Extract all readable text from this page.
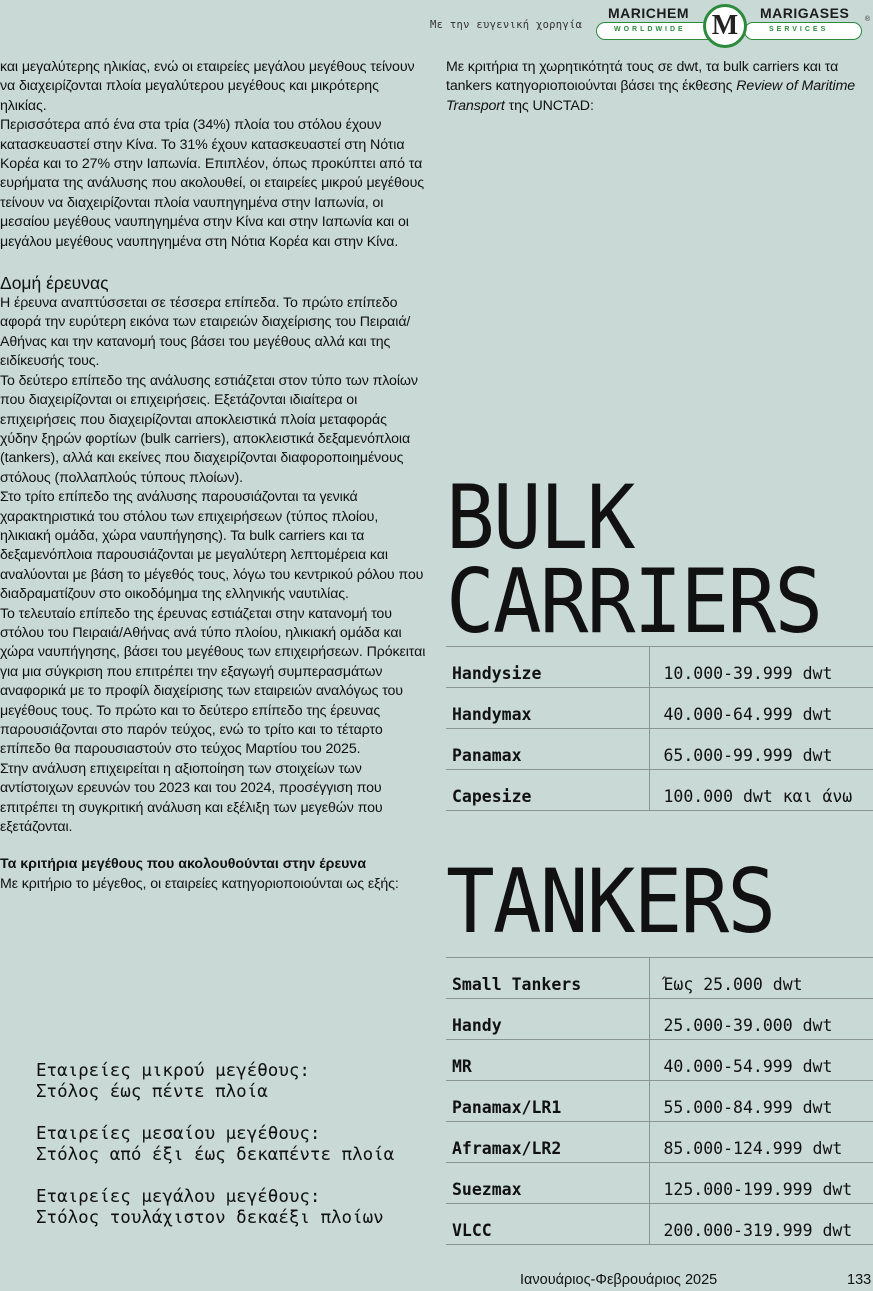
Με την ευγενική χορηγία
MARICHEM	MARIGASES
WORLDWIDE	SERVICES
M	®

και μεγαλύτερης ηλικίας, ενώ οι εταιρείες μεγάλου μεγέθους τείνουν να διαχειρίζονται πλοία μεγαλύτερου μεγέθους και μικρότερης ηλικίας.

Περισσότερα από ένα στα τρία (34%) πλοία του στόλου έχουν κατασκευαστεί στην Κίνα. Το 31% έχουν κατασκευαστεί στη Νότια Κορέα και το 27% στην Ιαπωνία. Επιπλέον, όπως προκύπτει από τα ευρήματα της ανάλυσης που ακολουθεί, οι εταιρείες μικρού μεγέθους τείνουν να διαχειρίζονται πλοία ναυπηγημένα στην Ιαπωνία, οι μεσαίου μεγέθους ναυπηγημένα στην Κίνα και στην Ιαπωνία και οι μεγάλου μεγέθους ναυπηγημένα στη Νότια Κορέα και στην Κίνα.

Δομή έρευνας

Η έρευνα αναπτύσσεται σε τέσσερα επίπεδα. Το πρώτο επίπεδο αφορά την ευρύτερη εικόνα των εταιρειών διαχείρισης του Πειραιά/Αθήνας και την κατανομή τους βάσει του μεγέθους αλλά και της ειδίκευσής τους.

Το δεύτερο επίπεδο της ανάλυσης εστιάζεται στον τύπο των πλοίων που διαχειρίζονται οι επιχειρήσεις. Εξετάζονται ιδιαίτερα οι επιχειρήσεις που διαχειρίζονται αποκλειστικά πλοία μεταφοράς χύδην ξηρών φορτίων (bulk carriers), αποκλειστικά δεξαμενόπλοια (tankers), αλλά και εκείνες που διαχειρίζονται διαφοροποιημένους στόλους (πολλαπλούς τύπους πλοίων).

Στο τρίτο επίπεδο της ανάλυσης παρουσιάζονται τα γενικά χαρακτηριστικά του στόλου των επιχειρήσεων (τύπος πλοίου, ηλικιακή ομάδα, χώρα ναυπήγησης). Τα bulk carriers και τα δεξαμενόπλοια παρουσιάζονται με μεγαλύτερη λεπτομέρεια και αναλύονται με βάση το μέγεθός τους, λόγω του κεντρικού ρόλου που διαδραματίζουν στο οικοδόμημα της ελληνικής ναυτιλίας.

Το τελευταίο επίπεδο της έρευνας εστιάζεται στην κατανομή του στόλου του Πειραιά/Αθήνας ανά τύπο πλοίου, ηλικιακή ομάδα και χώρα ναυπήγησης, βάσει του μεγέθους των επιχειρήσεων. Πρόκειται για μια σύγκριση που επιτρέπει την εξαγωγή συμπερασμάτων αναφορικά με το προφίλ διαχείρισης των εταιρειών αναλόγως του μεγέθους τους. Το πρώτο και το δεύτερο επίπεδο της έρευνας παρουσιάζονται στο παρόν τεύχος, ενώ το τρίτο και το τέταρτο επίπεδο θα παρουσιαστούν στο τεύχος Μαρτίου του 2025.

Στην ανάλυση επιχειρείται η αξιοποίηση των στοιχείων των αντίστοιχων ερευνών του 2023 και του 2024, προσέγγιση που επιτρέπει τη συγκριτική ανάλυση και εξέλιξη των μεγεθών που εξετάζονται.

Τα κριτήρια μεγέθους που ακολουθούνται στην έρευνα

Με κριτήριο το μέγεθος, οι εταιρείες κατηγοριοποιούνται ως εξής:

Εταιρείες μικρού μεγέθους:
Στόλος έως πέντε πλοία
Εταιρείες μεσαίου μεγέθους:
Στόλος από έξι έως δεκαπέντε πλοία
Εταιρείες μεγάλου μεγέθους:
Στόλος τουλάχιστον δεκαέξι πλοίων

Με κριτήρια τη χωρητικότητά τους σε dwt, τα bulk carriers και τα tankers κατηγοριοποιούνται βάσει της έκθεσης Review of Maritime Transport της UNCTAD:

BULK
CARRIERS
Handysize	10.000-39.999 dwt
Handymax	40.000-64.999 dwt
Panamax	65.000-99.999 dwt
Capesize	100.000 dwt και άνω
TANKERS
Small Tankers	Έως 25.000 dwt
Handy	25.000-39.000 dwt
MR	40.000-54.999 dwt
Panamax/LR1	55.000-84.999 dwt
Aframax/LR2	85.000-124.999 dwt
Suezmax	125.000-199.999 dwt
VLCC	200.000-319.999 dwt
Ιανουάριος-Φεβρουάριος 2025	133
